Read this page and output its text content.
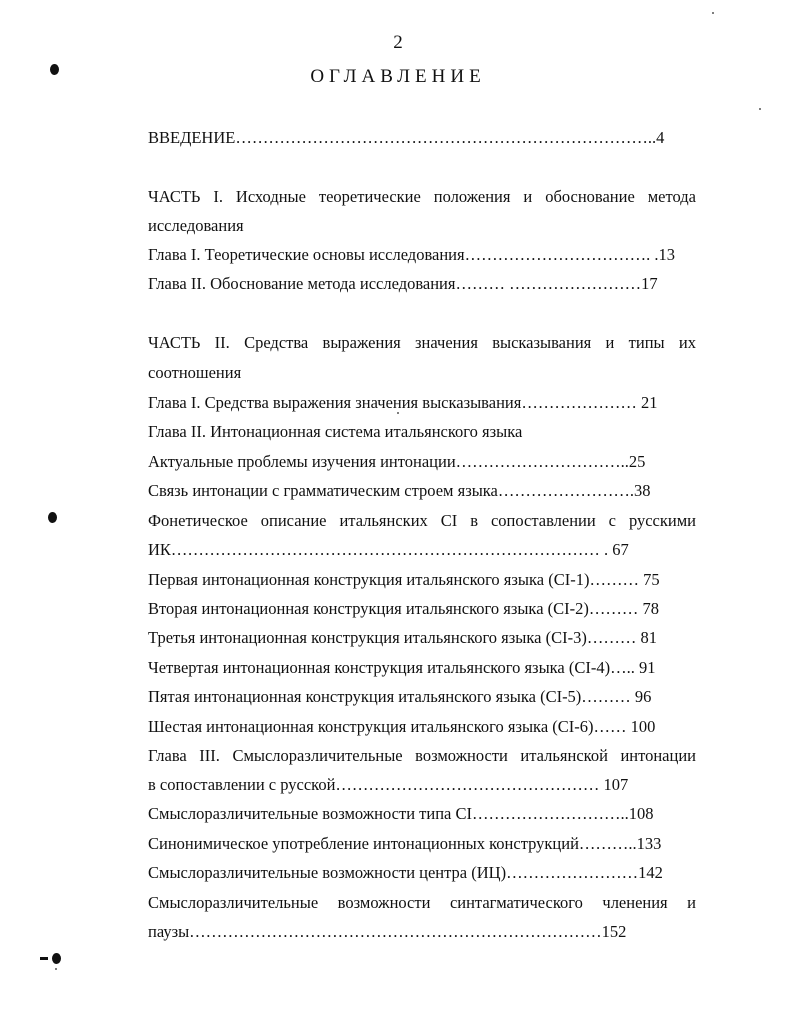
2
ОГЛАВЛЕНИЕ
ВВЕДЕНИЕ…………………………………………………………………..4
ЧАСТЬ I. Исходные теоретические положения и обоснование метода
исследования
Глава I. Теоретические основы исследования……………………………. .13
Глава II. Обоснование метода исследования……… ……………………17
ЧАСТЬ II. Средства выражения значения высказывания и типы их
соотношения
Глава I. Средства выражения значения высказывания………………… 21
Глава II. Интонационная система итальянского языка
Актуальные проблемы изучения интонации…………………………..25
Связь интонации с грамматическим строем языка…………………….38
Фонетическое описание итальянских CI в сопоставлении с русскими
ИК…………………………………………………………………… . 67
Первая интонационная конструкция итальянского языка (CI-1)……… 75
Вторая интонационная конструкция итальянского языка (CI-2)……… 78
Третья интонационная конструкция итальянского языка (CI-3)……… 81
Четвертая интонационная конструкция итальянского языка (CI-4)….. 91
Пятая интонационная конструкция итальянского языка (CI-5)……… 96
Шестая интонационная конструкция итальянского языка (CI-6)…… 100
Глава III. Смыслоразличительные возможности итальянской интонации
в сопоставлении с русской………………………………………… 107
Смыслоразличительные возможности типа CI………………………..108
Синонимическое употребление интонационных конструкций………..133
Смыслоразличительные возможности центра (ИЦ)……………………142
Смыслоразличительные возможности синтагматического членения и
паузы…………………………………………………………………152
